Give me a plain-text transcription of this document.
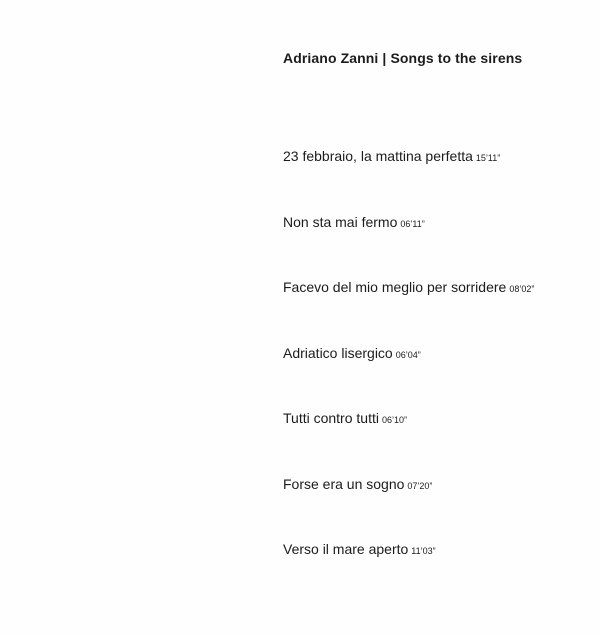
Adriano Zanni | Songs to the sirens
23 febbraio, la mattina perfetta 15’11”
Non sta mai fermo 06’11”
Facevo del mio meglio per sorridere 08’02”
Adriatico lisergico 06’04”
Tutti contro tutti 06’10”
Forse era un sogno 07’20”
Verso il mare aperto 11’03”
